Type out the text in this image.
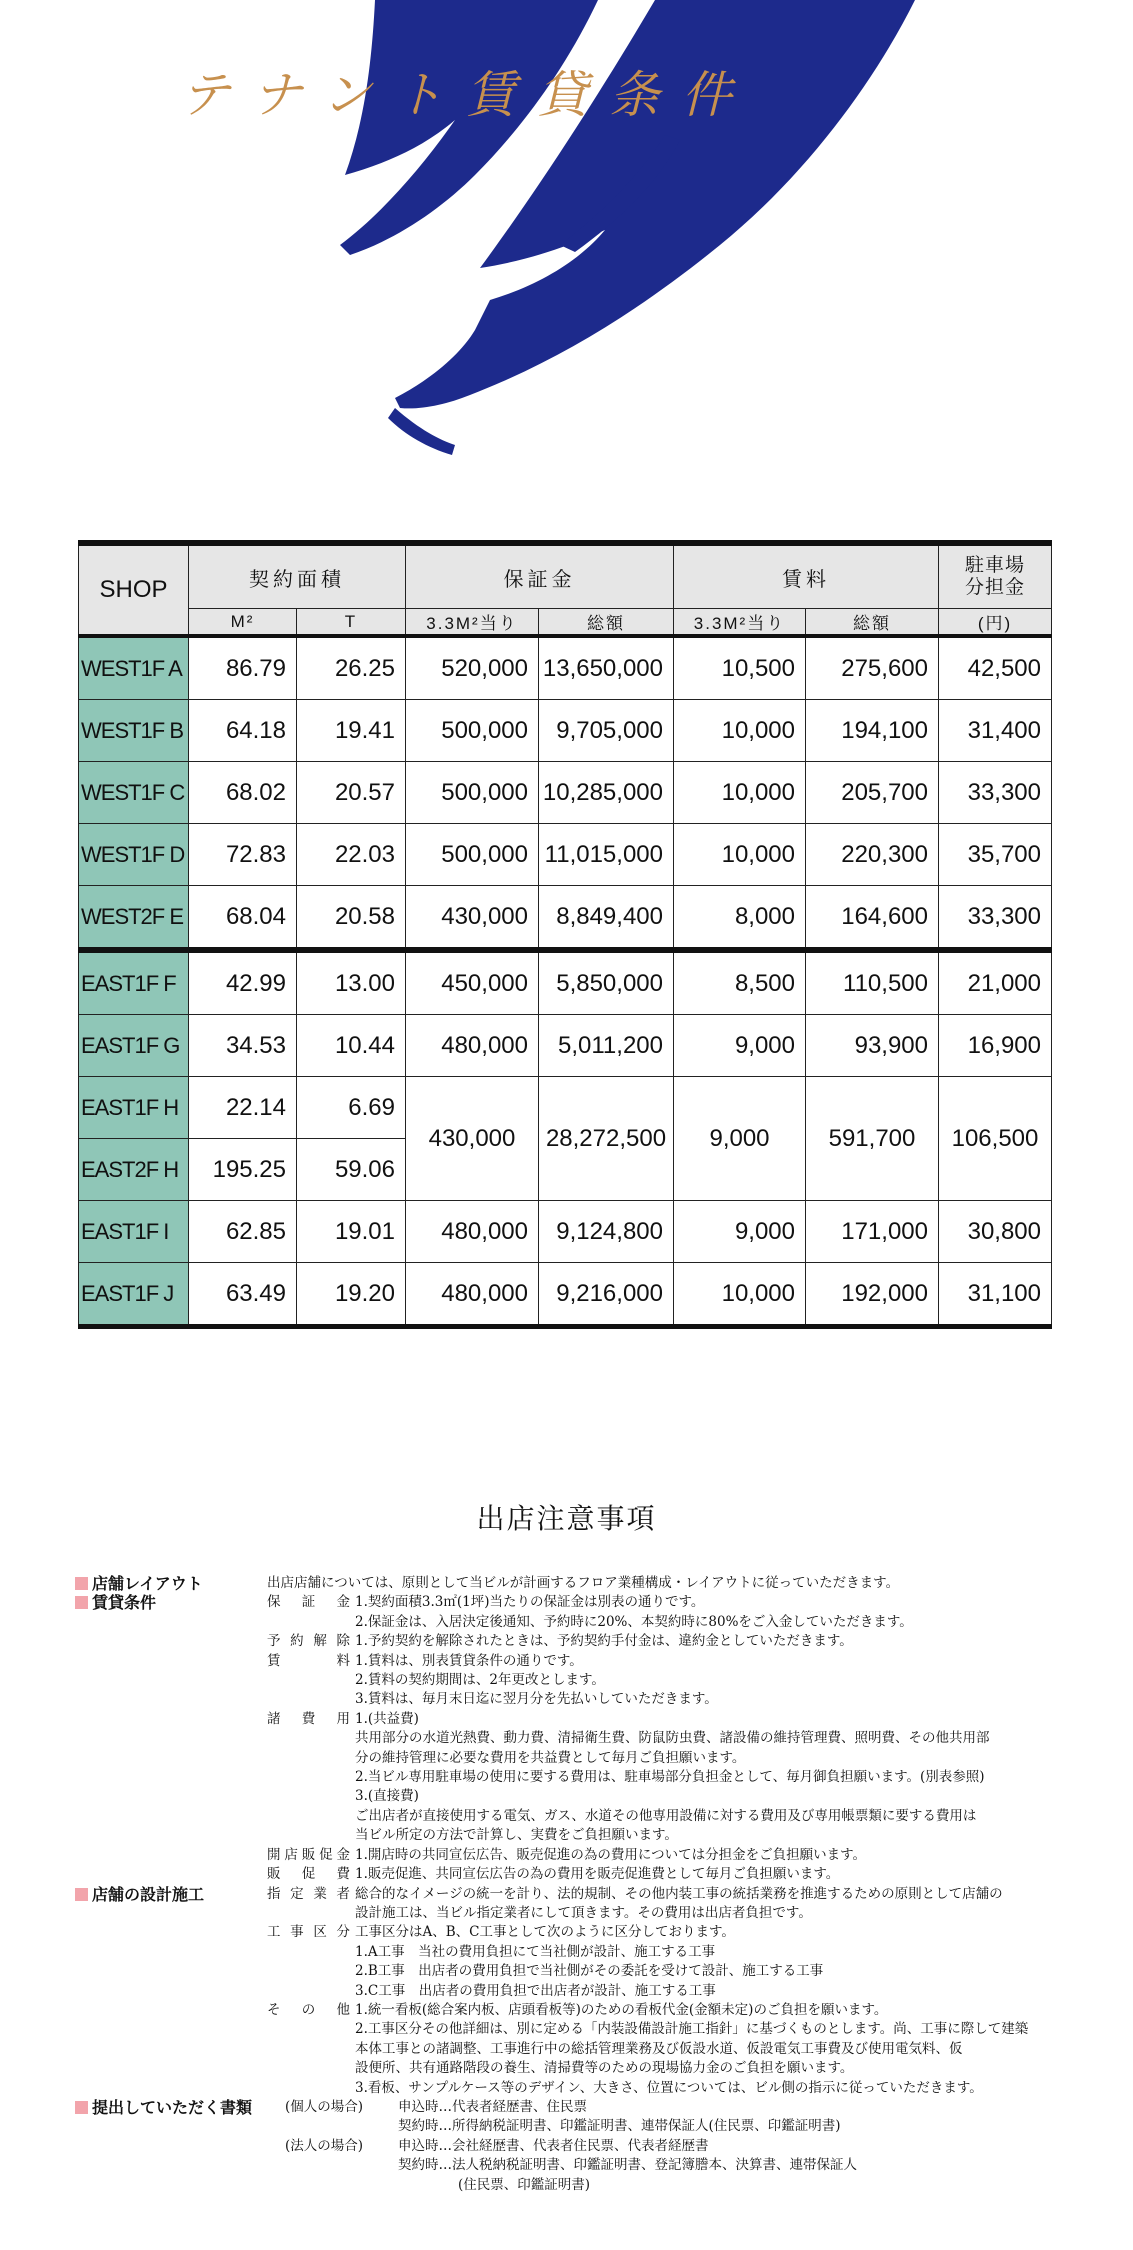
テナント賃貸条件
SHOP	契約面積		保証金		賃料		駐車場
分担金
	M²	T	3.3M²当り	総額	3.3M²当り	総額	(円)
WEST1F A	86.79	26.25	520,000	13,650,000	10,500	275,600	42,500
WEST1F B	64.18	19.41	500,000	9,705,000	10,000	194,100	31,400
WEST1F C	68.02	20.57	500,000	10,285,000	10,000	205,700	33,300
WEST1F D	72.83	22.03	500,000	11,015,000	10,000	220,300	35,700
WEST2F E	68.04	20.58	430,000	8,849,400	8,000	164,600	33,300
EAST1F F	42.99	13.00	450,000	5,850,000	8,500	110,500	21,000
EAST1F G	34.53	10.44	480,000	5,011,200	9,000	93,900	16,900
EAST1F H	22.14	6.69	430,000	28,272,500	9,000	591,700	106,500
EAST2F H	195.25	59.06					
EAST1F I	62.85	19.01	480,000	9,124,800	9,000	171,000	30,800
EAST1F J	63.49	19.20	480,000	9,216,000	10,000	192,000	31,100
出店注意事項
店舗レイアウト	出店店舗については、原則として当ビルが計画するフロア業種構成・レイアウトに従っていただきます。
賃貸条件	保証金 1.契約面積3.3㎡(1坪)当たりの保証金は別表の通りです。
2.保証金は、入居決定後通知、予約時に20%、本契約時に80%をご入金していただきます。
予約解除 1.予約契約を解除されたときは、予約契約手付金は、違約金としていただきます。
賃料 1.賃料は、別表賃貸条件の通りです。
2.賃料の契約期間は、2年更改とします。
3.賃料は、毎月末日迄に翌月分を先払いしていただきます。
諸費用 1.(共益費)
共用部分の水道光熱費、動力費、清掃衛生費、防鼠防虫費、諸設備の維持管理費、照明費、その他共用部
分の維持管理に必要な費用を共益費として毎月ご負担願います。
2.当ビル専用駐車場の使用に要する費用は、駐車場部分負担金として、毎月御負担願います。(別表参照)
3.(直接費)
ご出店者が直接使用する電気、ガス、水道その他専用設備に対する費用及び専用帳票類に要する費用は
当ビル所定の方法で計算し、実費をご負担願います。
開店販促金 1.開店時の共同宣伝広告、販売促進の為の費用については分担金をご負担願います。
販促費 1.販売促進、共同宣伝広告の為の費用を販売促進費として毎月ご負担願います。
店舗の設計施工	指定業者 総合的なイメージの統一を計り、法的規制、その他内装工事の統括業務を推進するための原則として店舗の
設計施工は、当ビル指定業者にして頂きます。その費用は出店者負担です。
工事区分 工事区分はA、B、C工事として次のように区分しております。
1.A工事　当社の費用負担にて当社側が設計、施工する工事
2.B工事　出店者の費用負担で当社側がその委託を受けて設計、施工する工事
3.C工事　出店者の費用負担で出店者が設計、施工する工事
その他 1.統一看板(総合案内板、店頭看板等)のための看板代金(金額未定)のご負担を願います。
2.工事区分その他詳細は、別に定める「内装設備設計施工指針」に基づくものとします。尚、工事に際して建築
本体工事との諸調整、工事進行中の総括管理業務及び仮設水道、仮設電気工事費及び使用電気料、仮
設便所、共有通路階段の養生、清掃費等のための現場協力金のご負担を願います。
3.看板、サンプルケース等のデザイン、大きさ、位置については、ビル側の指示に従っていただきます。
提出していただく書類 (個人の場合)	申込時…代表者経歴書、住民票
契約時…所得納税証明書、印鑑証明書、連帯保証人(住民票、印鑑証明書)
(法人の場合)	申込時…会社経歴書、代表者住民票、代表者経歴書
契約時…法人税納税証明書、印鑑証明書、登記簿謄本、決算書、連帯保証人
(住民票、印鑑証明書)
